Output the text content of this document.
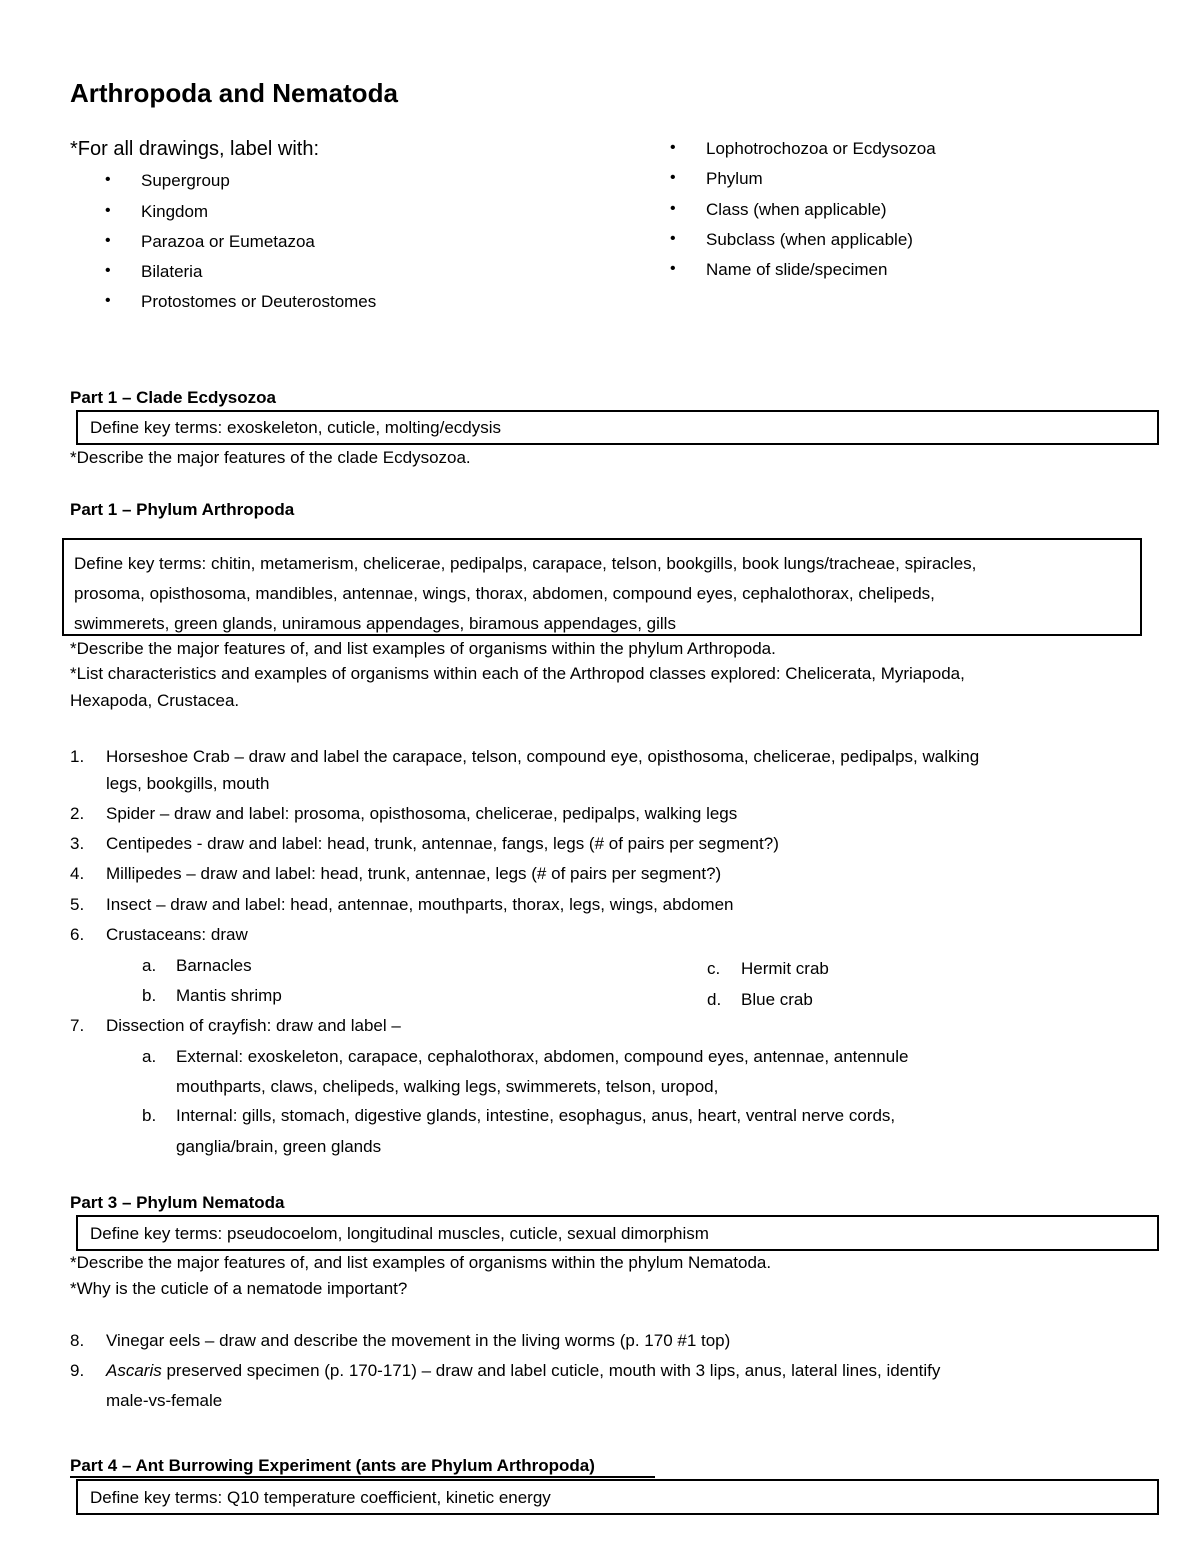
Arthropoda and Nematoda
*For all drawings, label with:
• Supergroup
• Kingdom
• Parazoa or Eumetazoa
• Bilateria
• Protostomes or Deuterostomes
• Lophotrochozoa or Ecdysozoa
• Phylum
• Class (when applicable)
• Subclass (when applicable)
• Name of slide/specimen
Part 1 – Clade Ecdysozoa
Define key terms: exoskeleton, cuticle, molting/ecdysis
*Describe the major features of the clade Ecdysozoa.
Part 1 – Phylum Arthropoda
Define key terms: chitin, metamerism, chelicerae, pedipalps, carapace, telson, bookgills, book lungs/tracheae, spiracles,
prosoma, opisthosoma, mandibles, antennae, wings, thorax, abdomen, compound eyes, cephalothorax, chelipeds,
swimmerets, green glands, uniramous appendages, biramous appendages, gills
*Describe the major features of, and list examples of organisms within the phylum Arthropoda.
*List characteristics and examples of organisms within each of the Arthropod classes explored: Chelicerata, Myriapoda,
Hexapoda, Crustacea.
1. Horseshoe Crab – draw and label the carapace, telson, compound eye, opisthosoma, chelicerae, pedipalps, walking
legs, bookgills, mouth
2. Spider – draw and label: prosoma, opisthosoma, chelicerae, pedipalps, walking legs
3. Centipedes - draw and label: head, trunk, antennae, fangs, legs (# of pairs per segment?)
4. Millipedes – draw and label: head, trunk, antennae, legs (# of pairs per segment?)
5. Insect – draw and label: head, antennae, mouthparts, thorax, legs, wings, abdomen
6. Crustaceans: draw
a. Barnacles
b. Mantis shrimp
c. Hermit crab
d. Blue crab
7. Dissection of crayfish: draw and label –
a. External: exoskeleton, carapace, cephalothorax, abdomen, compound eyes, antennae, antennule
mouthparts, claws, chelipeds, walking legs, swimmerets, telson, uropod,
b. Internal: gills, stomach, digestive glands, intestine, esophagus, anus, heart, ventral nerve cords,
ganglia/brain, green glands
Part 3 – Phylum Nematoda
Define key terms: pseudocoelom, longitudinal muscles, cuticle, sexual dimorphism
*Describe the major features of, and list examples of organisms within the phylum Nematoda.
*Why is the cuticle of a nematode important?
8. Vinegar eels – draw and describe the movement in the living worms (p. 170 #1 top)
9. Ascaris preserved specimen (p. 170-171) – draw and label cuticle, mouth with 3 lips, anus, lateral lines, identify
male-vs-female
Part 4 – Ant Burrowing Experiment (ants are Phylum Arthropoda)
Define key terms: Q10 temperature coefficient, kinetic energy
